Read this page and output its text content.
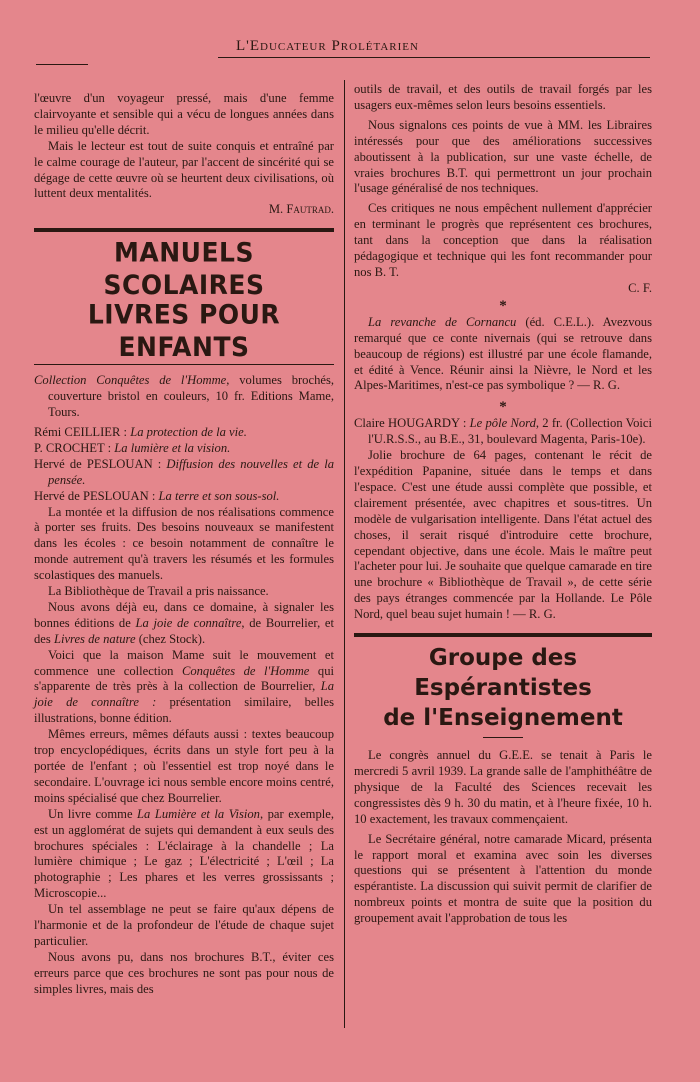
L'Educateur Prolétarien

l'œuvre d'un voyageur pressé, mais d'une femme clairvoyante et sensible qui a vécu de longues années dans le milieu qu'elle décrit.

Mais le lecteur est tout de suite conquis et entraîné par le calme courage de l'auteur, par l'accent de sincérité qui se dégage de cette œuvre où se heurtent deux civilisations, où luttent deux mentalités.

M. Fautrad.

MANUELS SCOLAIRES
LIVRES POUR ENFANTS

Collection Conquêtes de l'Homme, volumes brochés, couverture bristol en couleurs, 10 fr. Editions Mame, Tours.

Rémi CEILLIER : La protection de la vie.

P. CROCHET : La lumière et la vision.

Hervé de PESLOUAN : Diffusion des nouvelles et de la pensée.

Hervé de PESLOUAN : La terre et son sous-sol.

La montée et la diffusion de nos réalisations commence à porter ses fruits. Des besoins nouveaux se manifestent dans les écoles : ce besoin notamment de connaître le monde autrement qu'à travers les résumés et les formules scolastiques des manuels.

La Bibliothèque de Travail a pris naissance.

Nous avons déjà eu, dans ce domaine, à signaler les bonnes éditions de La joie de connaître, de Bourrelier, et des Livres de nature (chez Stock).

Voici que la maison Mame suit le mouvement et commence une collection Conquêtes de l'Homme qui s'apparente de très près à la collection de Bourrelier, La joie de connaître : présentation similaire, belles illustrations, bonne édition.

Mêmes erreurs, mêmes défauts aussi : textes beaucoup trop encyclopédiques, écrits dans un style fort peu à la portée de l'enfant ; où l'essentiel est trop noyé dans le secondaire. L'ouvrage ici nous semble encore moins centré, moins spécialisé que chez Bourrelier.

Un livre comme La Lumière et la Vision, par exemple, est un agglomérat de sujets qui demandent à eux seuls des brochures spéciales : L'éclairage à la chandelle ; La lumière chimique ; Le gaz ; L'électricité ; L'œil ; La photographie ; Les phares et les verres grossissants ; Microscopie...

Un tel assemblage ne peut se faire qu'aux dépens de l'harmonie et de la profondeur de l'étude de chaque sujet particulier.

Nous avons pu, dans nos brochures B.T., éviter ces erreurs parce que ces brochures ne sont pas pour nous de simples livres, mais des

outils de travail, et des outils de travail forgés par les usagers eux-mêmes selon leurs besoins essentiels.

Nous signalons ces points de vue à MM. les Libraires intéressés pour que des améliorations successives aboutissent à la publication, sur une vaste échelle, de vraies brochures B.T. qui permettront un jour prochain l'usage généralisé de nos techniques.

Ces critiques ne nous empêchent nullement d'apprécier en terminant le progrès que représentent ces brochures, tant dans la conception que dans la réalisation pédagogique et technique qui les font recommander pour nos B. T.

C. F.

*

La revanche de Cornancu (éd. C.E.L.). Avezvous remarqué que ce conte nivernais (qui se retrouve dans beaucoup de régions) est illustré par une école flamande, et édité à Vence. Réunir ainsi la Nièvre, le Nord et les Alpes-Maritimes, n'est-ce pas symbolique ? — R. G.

*

Claire HOUGARDY : Le pôle Nord, 2 fr. (Collection Voici l'U.R.S.S., au B.E., 31, boulevard Magenta, Paris-10e).

Jolie brochure de 64 pages, contenant le récit de l'expédition Papanine, située dans le temps et dans l'espace. C'est une étude aussi complète que possible, et clairement présentée, avec chapitres et sous-titres. Un modèle de vulgarisation intelligente. Dans l'état actuel des choses, il serait risqué d'introduire cette brochure, cependant objective, dans une école. Mais le maître peut l'acheter pour lui. Je souhaite que quelque camarade en tire une brochure « Bibliothèque de Travail », de cette série des pays étranges commencée par la Hollande. Le Pôle Nord, quel beau sujet humain ! — R. G.

Groupe des Espérantistes
de l'Enseignement

Le congrès annuel du G.E.E. se tenait à Paris le mercredi 5 avril 1939. La grande salle de l'amphithéâtre de physique de la Faculté des Sciences recevait les congressistes dès 9 h. 30 du matin, et à l'heure fixée, 10 h. 10 exactement, les travaux commençaient.

Le Secrétaire général, notre camarade Micard, présenta le rapport moral et examina avec soin les diverses questions qui se présentent à l'attention du monde espérantiste. La discussion qui suivit permit de clarifier de nombreux points et montra de suite que la position du groupement avait l'approbation de tous les
